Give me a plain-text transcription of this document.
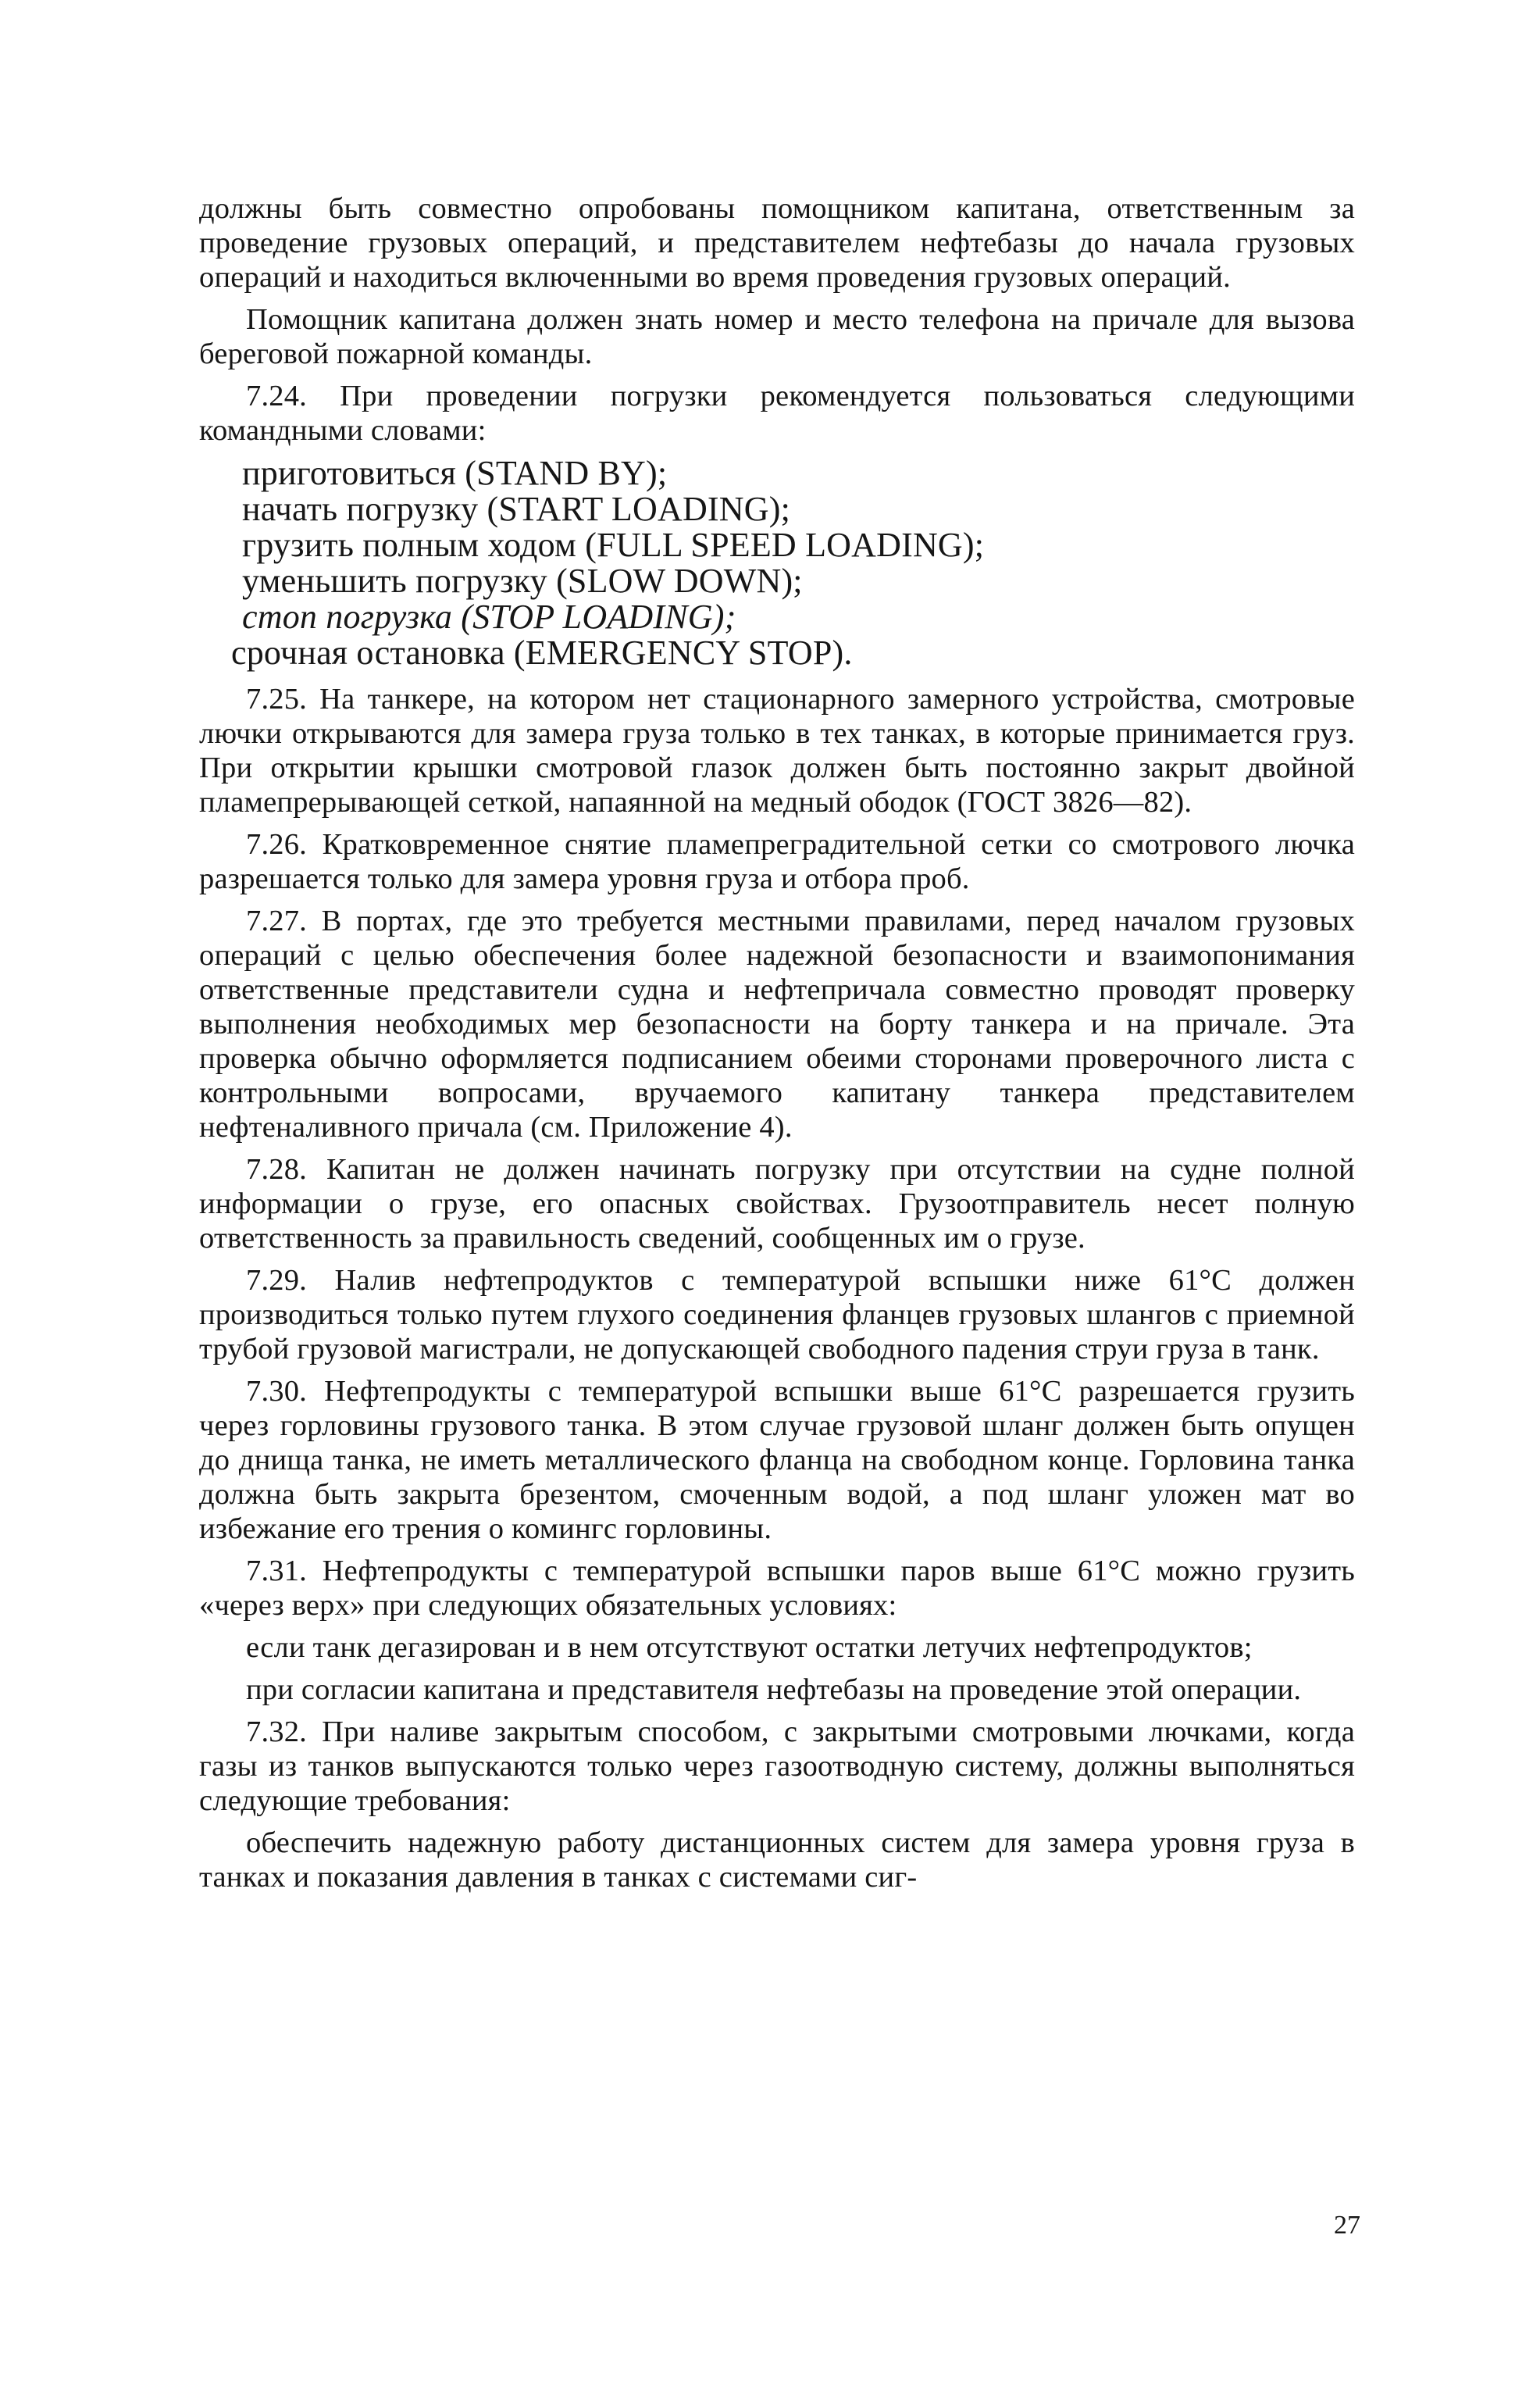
должны быть совместно опробованы помощником капитана, ответственным за проведение грузовых операций, и представителем нефтебазы до начала грузовых операций и находиться включенными во время проведения грузовых операций.

Помощник капитана должен знать номер и место телефона на причале для вызова береговой пожарной команды.

7.24. При проведении погрузки рекомендуется пользоваться следующими командными словами:

приготовиться (STAND BY);
начать погрузку (START LOADING);
грузить полным ходом (FULL SPEED LOADING);
уменьшить погрузку (SLOW DOWN);
стоп погрузка (STOP LOADING);
срочная остановка (EMERGENCY STOP).

7.25. На танкере, на котором нет стационарного замерного устройства, смотровые лючки открываются для замера груза только в тех танках, в которые принимается груз. При открытии крышки смотровой глазок должен быть постоянно закрыт двойной пламепрерывающей сеткой, напаянной на медный ободок (ГОСТ 3826—82).

7.26. Кратковременное снятие пламепреградительной сетки со смотрового лючка разрешается только для замера уровня груза и отбора проб.

7.27. В портах, где это требуется местными правилами, перед началом грузовых операций с целью обеспечения более надежной безопасности и взаимопонимания ответственные представители судна и нефтепричала совместно проводят проверку выполнения необходимых мер безопасности на борту танкера и на причале. Эта проверка обычно оформляется подписанием обеими сторонами проверочного листа с контрольными вопросами, вручаемого капитану танкера представителем нефтеналивного причала (см. Приложение 4).

7.28. Капитан не должен начинать погрузку при отсутствии на судне полной информации о грузе, его опасных свойствах. Грузоотправитель несет полную ответственность за правильность сведений, сообщенных им о грузе.

7.29. Налив нефтепродуктов с температурой вспышки ниже 61°C должен производиться только путем глухого соединения фланцев грузовых шлангов с приемной трубой грузовой магистрали, не допускающей свободного падения струи груза в танк.

7.30. Нефтепродукты с температурой вспышки выше 61°C разрешается грузить через горловины грузового танка. В этом случае грузовой шланг должен быть опущен до днища танка, не иметь металлического фланца на свободном конце. Горловина танка должна быть закрыта брезентом, смоченным водой, а под шланг уложен мат во избежание его трения о комингс горловины.

7.31. Нефтепродукты с температурой вспышки паров выше 61°C можно грузить «через верх» при следующих обязательных условиях:

если танк дегазирован и в нем отсутствуют остатки летучих нефтепродуктов;

при согласии капитана и представителя нефтебазы на проведение этой операции.

7.32. При наливе закрытым способом, с закрытыми смотровыми лючками, когда газы из танков выпускаются только через газоотводную систему, должны выполняться следующие требования:

обеспечить надежную работу дистанционных систем для замера уровня груза в танках и показания давления в танках с системами сиг-

27
